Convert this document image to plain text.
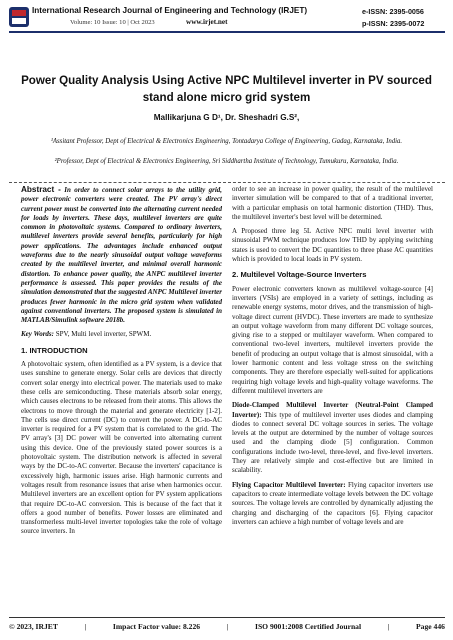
International Research Journal of Engineering and Technology (IRJET)
Volume: 10 Issue: 10 | Oct 2023	www.irjet.net
e-ISSN: 2395-0056
p-ISSN: 2395-0072
Power Quality Analysis Using Active NPC Multilevel inverter in PV sourced stand alone micro grid system
Mallikarjuna G D¹, Dr. Sheshadri G.S²,
¹Assitant Professor, Dept of Electrical & Electronics Engineering, Tontadarya College of Engineering, Gadag, Karnataka, India.
²Professor, Dept of Electrical & Electronics Engineering, Sri Siddhartha Institute of Technology, Tumukuru, Karnataka, India.

Abstract - In order to connect solar arrays to the utility grid, power electronic converters were created. The PV array's direct current power must be converted into the alternating current needed for loads by inverters. These days, multilevel inverters are quite common in photovoltaic systems. Compared to ordinary inverters, multilevel inverters provide several benefits, particularly for high power applications. The advantages include enhanced output waveforms due to the nearly sinusoidal output voltage waveforms created by the multilevel inverter, and minimal overall harmonic distortion. To enhance power quality, the ANPC multilevel inverter performance is assessed. This paper provides the results of the simulation demonstrated that the suggested ANPC Multilevel inverter produces fewer harmonic in the micro grid system when validated against conventional inverters. The proposed system is simulated in MATLAB/Simulink software 2018b.

Key Words: SPV, Multi level inverter, SPWM.

1. INTRODUCTION

A photovoltaic system, often identified as a PV system, is a device that uses sunshine to generate energy. Solar cells are devices that directly convert solar energy into electrical power. The materials used to make these cells are semiconducting. These materials absorb solar energy, which causes electrons to be released from their atoms. This allows the electrons to move through the material and generate electricity [1-2]. The cells use direct current (DC) to convert the power. A DC-to-AC inverter is required for a PV system that is correlated to the grid. The PV array's [3] DC power will be converted into alternating current using this device. One of the previously stated power sources is a photovoltaic system. The distribution network is affected in several ways by the DC-to-AC converter. Because the inverters' capacitance is excessively high, harmonic issues arise. High harmonic currents and voltages result from resonance issues that arise when harmonics occur. Multilevel inverters are an excellent option for PV system applications that require DC-to-AC conversion. This is because of the fact that it offers a good number of benefits. Power losses are eliminated and transformerless multi-level inverter topologies take the role of voltage source inverters. In

order to see an increase in power quality, the result of the multilevel inverter simulation will be compared to that of a traditional inverter, with a particular emphasis on total harmonic distortion (THD). Thus, the multilevel inverter's best level will be determined.

A Proposed three leg 5L Active NPC multi level inverter with sinusoidal PWM technique produces low THD by applying switching states is used to convert the DC quantities to three phase AC quantities which is provided to local loads in PV system.

2. Multilevel Voltage-Source Inverters

Power electronic converters known as multilevel voltage-source [4] inverters (VSIs) are employed in a variety of settings, including as renewable energy systems, motor drives, and the transmission of high-voltage direct current (HVDC). These inverters are made to synthesize an output voltage waveform from many different DC voltage sources, giving rise to a stepped or multilayer waveform. When compared to conventional two-level inverters, multilevel inverters provide the benefit of producing an output voltage that is almost sinusoidal, with a lower harmonic content and less voltage stress on the switching components. They are therefore especially well-suited for applications requiring high voltage levels and high-quality voltage waveforms. The different multilevel inverters are

Diode-Clamped Multilevel Inverter (Neutral-Point Clamped Inverter): This type of multilevel inverter uses diodes and clamping diodes to connect several DC voltage sources in series. The voltage levels at the output are determined by the number of voltage sources used and the clamping diode [5] configuration. Common configurations include two-level, three-level, and five-level inverters. They are relatively simple and cost-effective but are limited in scalability.

Flying Capacitor Multilevel Inverter: Flying capacitor inverters use capacitors to create intermediate voltage levels between the DC voltage sources. The voltage levels are controlled by dynamically adjusting the charging and discharging of the capacitors [6]. Flying capacitor inverters can achieve a high number of voltage levels and are

© 2023, IRJET	|	Impact Factor value: 8.226	|	ISO 9001:2008 Certified Journal	|	Page 446
